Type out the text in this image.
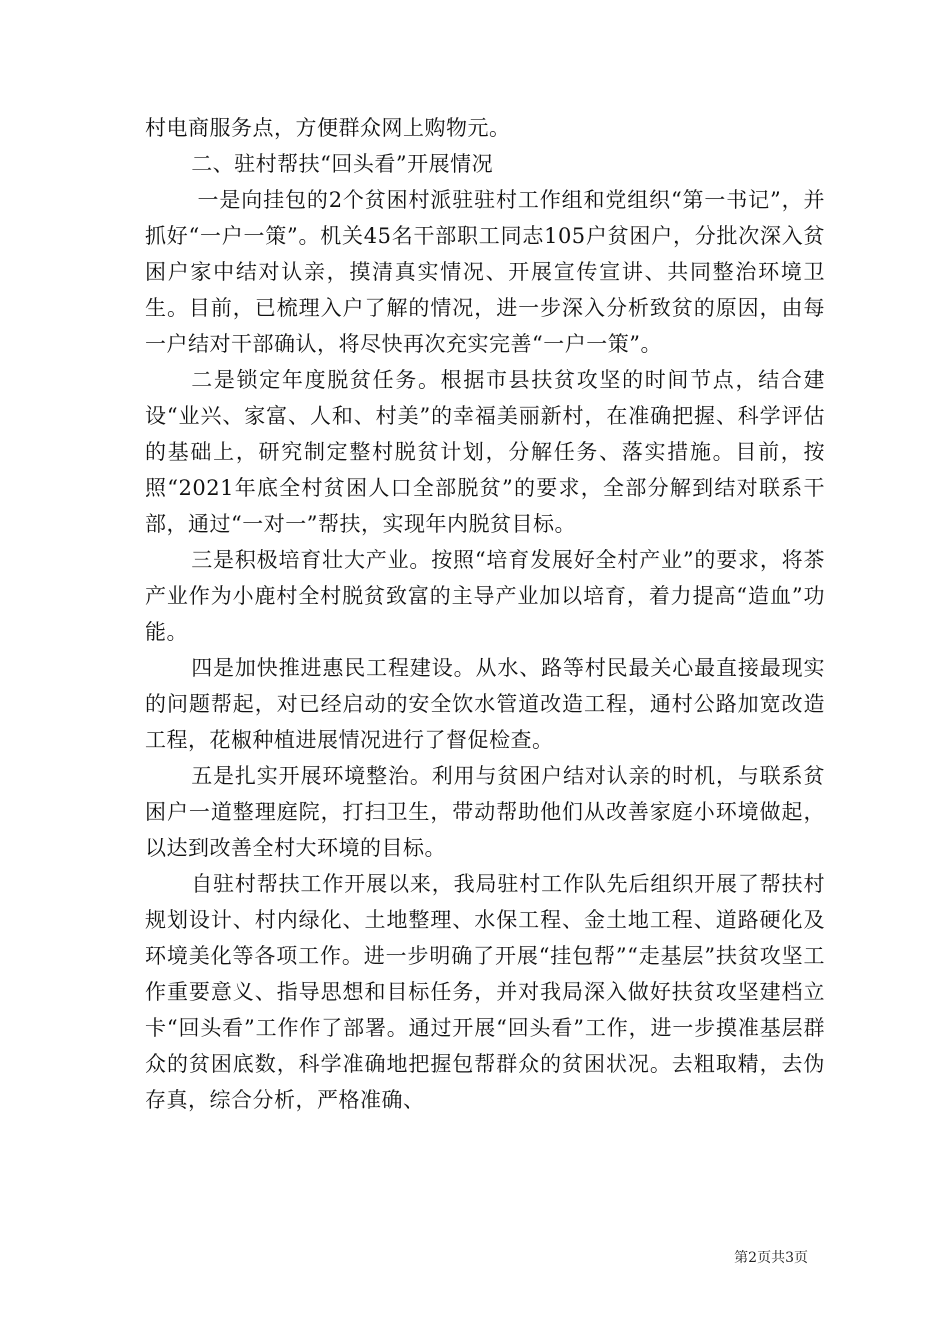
村电商服务点，方便群众网上购物元。

二、驻村帮扶“回头看”开展情况

一是向挂包的2个贫困村派驻驻村工作组和党组织“第一书记”，并抓好“一户一策”。机关45名干部职工同志105户贫困户，分批次深入贫困户家中结对认亲，摸清真实情况、开展宣传宣讲、共同整治环境卫生。目前，已梳理入户了解的情况，进一步深入分析致贫的原因，由每一户结对干部确认，将尽快再次充实完善“一户一策”。

二是锁定年度脱贫任务。根据市县扶贫攻坚的时间节点，结合建设“业兴、家富、人和、村美”的幸福美丽新村，在准确把握、科学评估的基础上，研究制定整村脱贫计划，分解任务、落实措施。目前，按照“2021年底全村贫困人口全部脱贫”的要求，全部分解到结对联系干部，通过“一对一”帮扶，实现年内脱贫目标。

三是积极培育壮大产业。按照“培育发展好全村产业”的要求，将茶产业作为小鹿村全村脱贫致富的主导产业加以培育，着力提高“造血”功能。

四是加快推进惠民工程建设。从水、路等村民最关心最直接最现实的问题帮起，对已经启动的安全饮水管道改造工程，通村公路加宽改造工程，花椒种植进展情况进行了督促检查。

五是扎实开展环境整治。利用与贫困户结对认亲的时机，与联系贫困户一道整理庭院，打扫卫生，带动帮助他们从改善家庭小环境做起，以达到改善全村大环境的目标。

自驻村帮扶工作开展以来，我局驻村工作队先后组织开展了帮扶村规划设计、村内绿化、土地整理、水保工程、金土地工程、道路硬化及环境美化等各项工作。进一步明确了开展“挂包帮”“走基层”扶贫攻坚工作重要意义、指导思想和目标任务，并对我局深入做好扶贫攻坚建档立卡“回头看”工作作了部署。通过开展“回头看”工作，进一步摸准基层群众的贫困底数，科学准确地把握包帮群众的贫困状况。去粗取精，去伪存真，综合分析，严格准确、

第2页共3页
